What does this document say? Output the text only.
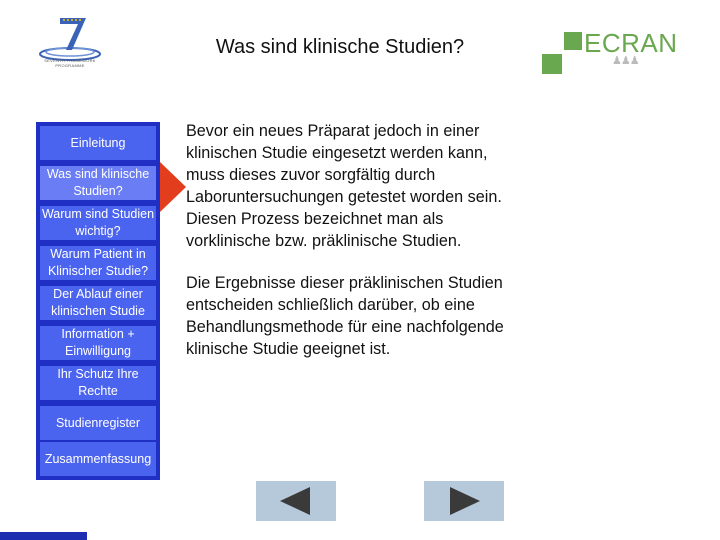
SEVENTH FRAMEWORK PROGRAMME
Was sind klinische Studien?	ECRAN
♟♟♟
Einleitung
Was sind klinische Studien?
Warum sind Studien wichtig?
Warum Patient in Klinischer Studie?
Der Ablauf einer klinischen Studie
Information + Einwilligung
Ihr Schutz Ihre Rechte
Studienregister
Zusammenfassung

Bevor ein neues Präparat jedoch in einer klinischen Studie eingesetzt werden kann, muss dieses zuvor sorgfältig durch Laboruntersuchungen getestet worden sein. Diesen Prozess bezeichnet man als vorklinische bzw. präklinische Studien.

Die Ergebnisse dieser präklinischen Studien entscheiden schließlich darüber, ob eine Behandlungsmethode für eine nachfolgende klinische Studie geeignet ist.
